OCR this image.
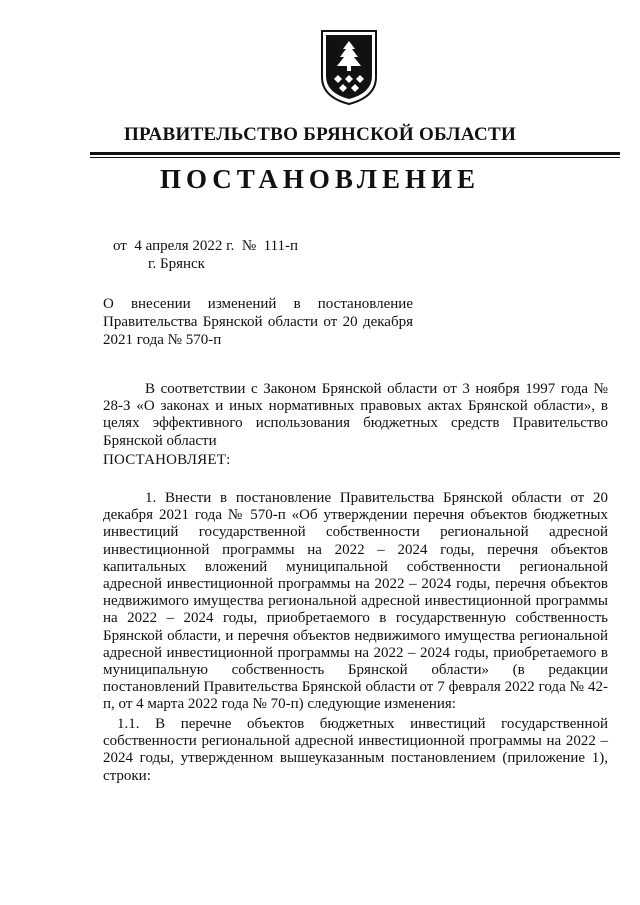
ПРАВИТЕЛЬСТВО БРЯНСКОЙ ОБЛАСТИ
ПОСТАНОВЛЕНИЕ
от  4 апреля 2022 г.  №  111-п
г. Брянск
О внесении изменений в постановление Правительства Брянской области от 20 декабря 2021 года № 570-п
В соответствии с Законом Брянской области от 3 ноября 1997 года № 28-З «О законах и иных нормативных правовых актах Брянской области», в целях эффективного использования бюджетных средств Правительство Брянской области
ПОСТАНОВЛЯЕТ:
1. Внести в постановление Правительства Брянской области от 20 декабря 2021 года № 570-п «Об утверждении перечня объектов бюджетных инвестиций государственной собственности региональной адресной инвестиционной программы на 2022 – 2024 годы, перечня объектов капитальных вложений муниципальной собственности региональной адресной инвестиционной программы на 2022 – 2024 годы, перечня объектов недвижимого имущества региональной адресной инвестиционной программы на 2022 – 2024 годы, приобретаемого в государственную собственность Брянской области, и перечня объектов недвижимого имущества региональной адресной инвестиционной программы на 2022 – 2024 годы, приобретаемого в муниципальную собственность Брянской области» (в редакции постановлений Правительства Брянской области от 7 февраля 2022 года № 42-п, от 4 марта 2022 года № 70-п) следующие изменения:
1.1. В перечне объектов бюджетных инвестиций государственной собственности региональной адресной инвестиционной программы на 2022 – 2024 годы, утвержденном вышеуказанным постановлением (приложение 1), строки:
